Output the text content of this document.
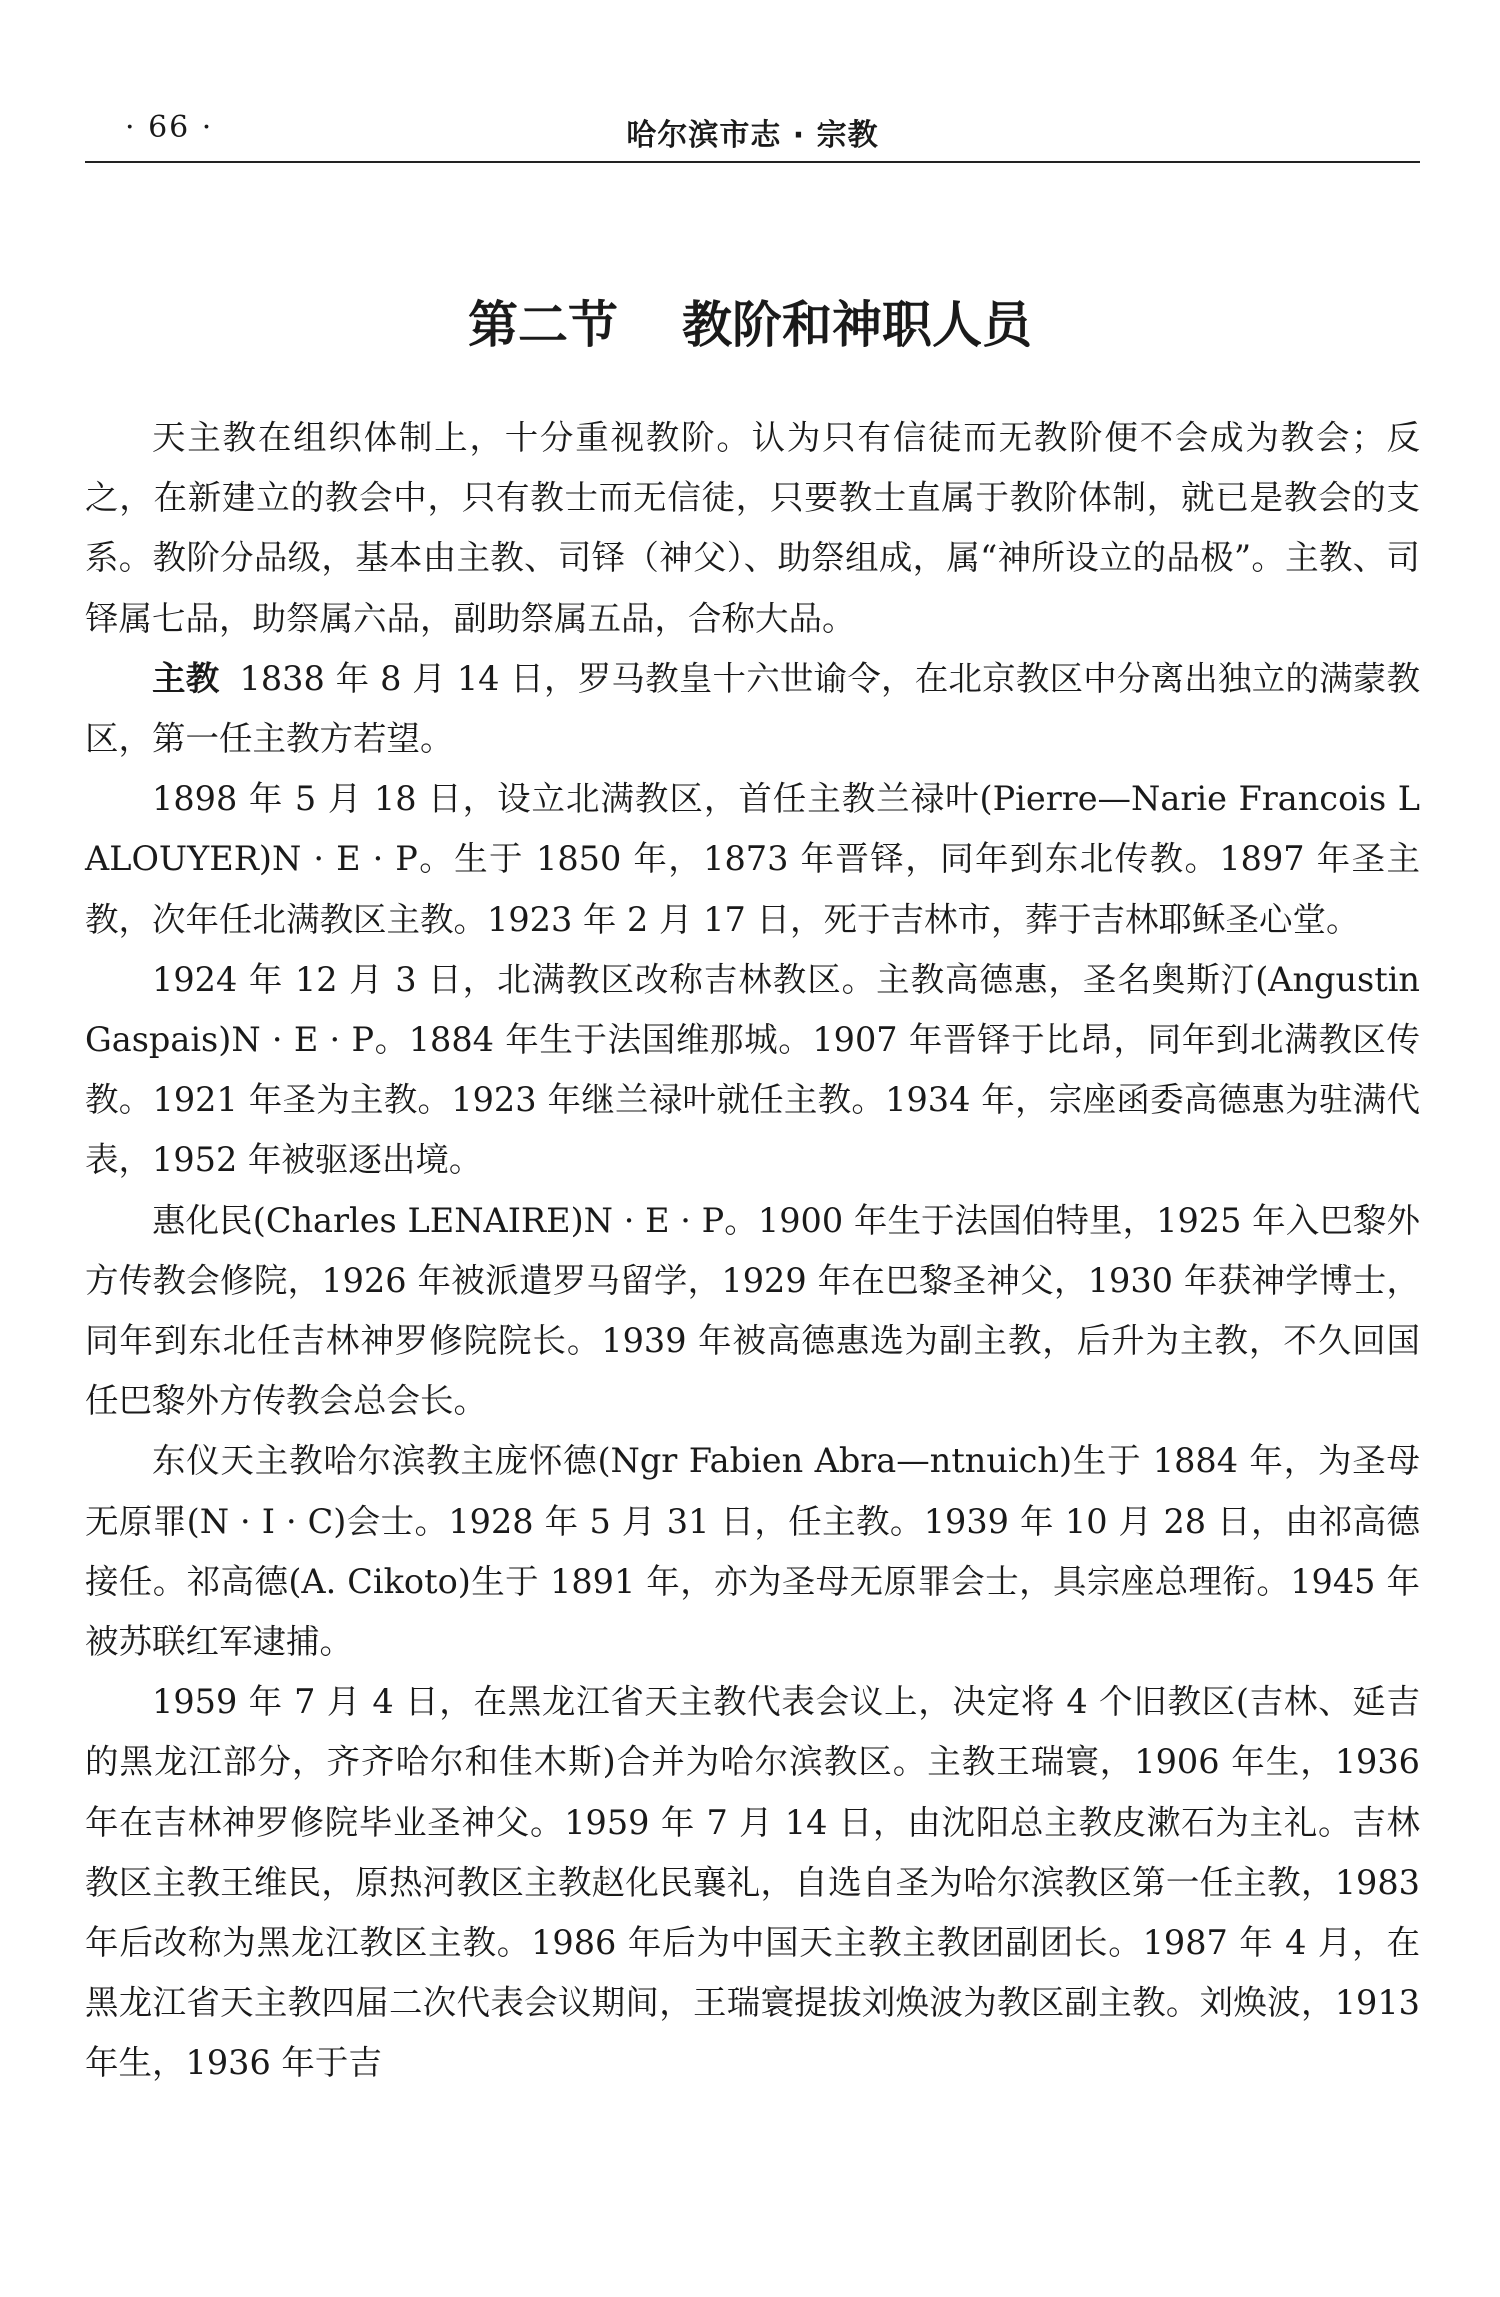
· 66 ·	哈尔滨市志 · 宗教
第二节 教阶和神职人员

天主教在组织体制上，十分重视教阶。认为只有信徒而无教阶便不会成为教会；反之，在新建立的教会中，只有教士而无信徒，只要教士直属于教阶体制，就已是教会的支系。教阶分品级，基本由主教、司铎（神父）、助祭组成，属“神所设立的品极”。主教、司铎属七品，助祭属六品，副助祭属五品，合称大品。

主教 1838 年 8 月 14 日，罗马教皇十六世谕令，在北京教区中分离出独立的满蒙教区，第一任主教方若望。

1898 年 5 月 18 日，设立北满教区，首任主教兰禄叶(Pierre—Narie Francois LALOUYER)N · E · P。生于 1850 年，1873 年晋铎，同年到东北传教。1897 年圣主教，次年任北满教区主教。1923 年 2 月 17 日，死于吉林市，葬于吉林耶稣圣心堂。

1924 年 12 月 3 日，北满教区改称吉林教区。主教高德惠，圣名奥斯汀(Angustin Gaspais)N · E · P。1884 年生于法国维那城。1907 年晋铎于比昂，同年到北满教区传教。1921 年圣为主教。1923 年继兰禄叶就任主教。1934 年，宗座函委高德惠为驻满代表，1952 年被驱逐出境。

惠化民(Charles LENAIRE)N · E · P。1900 年生于法国伯特里，1925 年入巴黎外方传教会修院，1926 年被派遣罗马留学，1929 年在巴黎圣神父，1930 年获神学博士，同年到东北任吉林神罗修院院长。1939 年被高德惠选为副主教，后升为主教，不久回国任巴黎外方传教会总会长。

东仪天主教哈尔滨教主庞怀德(Ngr Fabien Abra—ntnuich)生于 1884 年，为圣母无原罪(N · I · C)会士。1928 年 5 月 31 日，任主教。1939 年 10 月 28 日，由祁高德接任。祁高德(A. Cikoto)生于 1891 年，亦为圣母无原罪会士，具宗座总理衔。1945 年被苏联红军逮捕。

1959 年 7 月 4 日，在黑龙江省天主教代表会议上，决定将 4 个旧教区(吉林、延吉的黑龙江部分，齐齐哈尔和佳木斯)合并为哈尔滨教区。主教王瑞寰，1906 年生，1936 年在吉林神罗修院毕业圣神父。1959 年 7 月 14 日，由沈阳总主教皮漱石为主礼。吉林教区主教王维民，原热河教区主教赵化民襄礼，自选自圣为哈尔滨教区第一任主教，1983 年后改称为黑龙江教区主教。1986 年后为中国天主教主教团副团长。1987 年 4 月，在黑龙江省天主教四届二次代表会议期间，王瑞寰提拔刘焕波为教区副主教。刘焕波，1913 年生，1936 年于吉
